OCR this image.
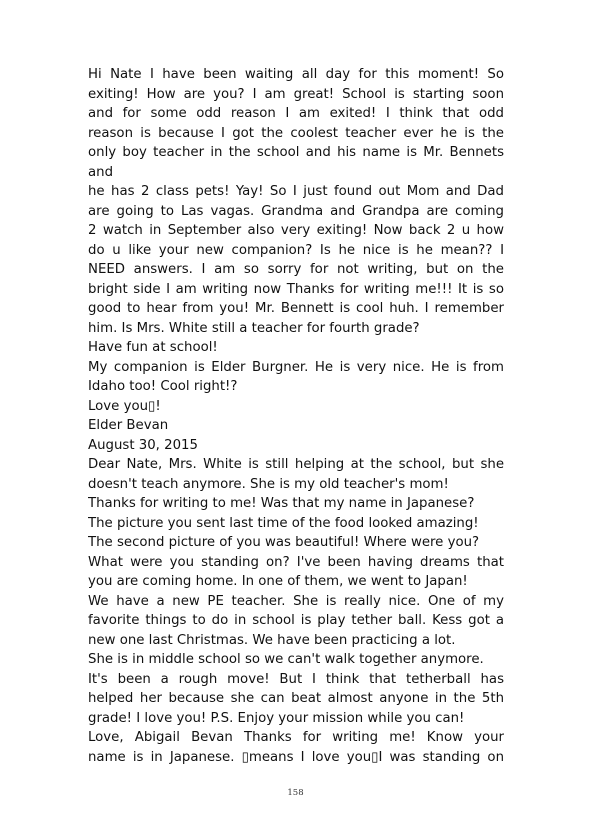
Hi Nate I have been waiting all day for this moment! So
exiting! How are you? I am great! School is starting soon
and for some odd reason I am exited! I think that odd
reason is because I got the coolest teacher ever he is the
only boy teacher in the school and his name is Mr. Bennets
and
he has 2 class pets! Yay! So I just found out Mom and Dad
are going to Las vagas. Grandma and Grandpa are coming
2 watch in September also very exiting! Now back 2 u how
do u like your new companion? Is he nice is he mean?? I
NEED answers. I am so sorry for not writing, but on the
bright side I am writing now Thanks for writing me!!! It is so
good to hear from you! Mr. Bennett is cool huh. I remember
him. Is Mrs. White still a teacher for fourth grade?
Have fun at school!
My companion is Elder Burgner. He is very nice. He is from
Idaho too! Cool right!?
Love you▯!
Elder Bevan
August 30, 2015
Dear Nate, Mrs. White is still helping at the school, but she
doesn't teach anymore. She is my old teacher's mom!
Thanks for writing to me! Was that my name in Japanese?
The picture you sent last time of the food looked amazing!
The second picture of you was beautiful! Where were you?
What were you standing on? I've been having dreams that
you are coming home. In one of them, we went to Japan!
We have a new PE teacher. She is really nice. One of my
favorite things to do in school is play tether ball. Kess got a
new one last Christmas. We have been practicing a lot.
She is in middle school so we can't walk together anymore.
It's been a rough move! But I think that tetherball has
helped her because she can beat almost anyone in the 5th
grade! I love you! P.S. Enjoy your mission while you can!
Love, Abigail Bevan Thanks for writing me! Know your
name is in Japanese. ▯means I love you▯I was standing on
158
